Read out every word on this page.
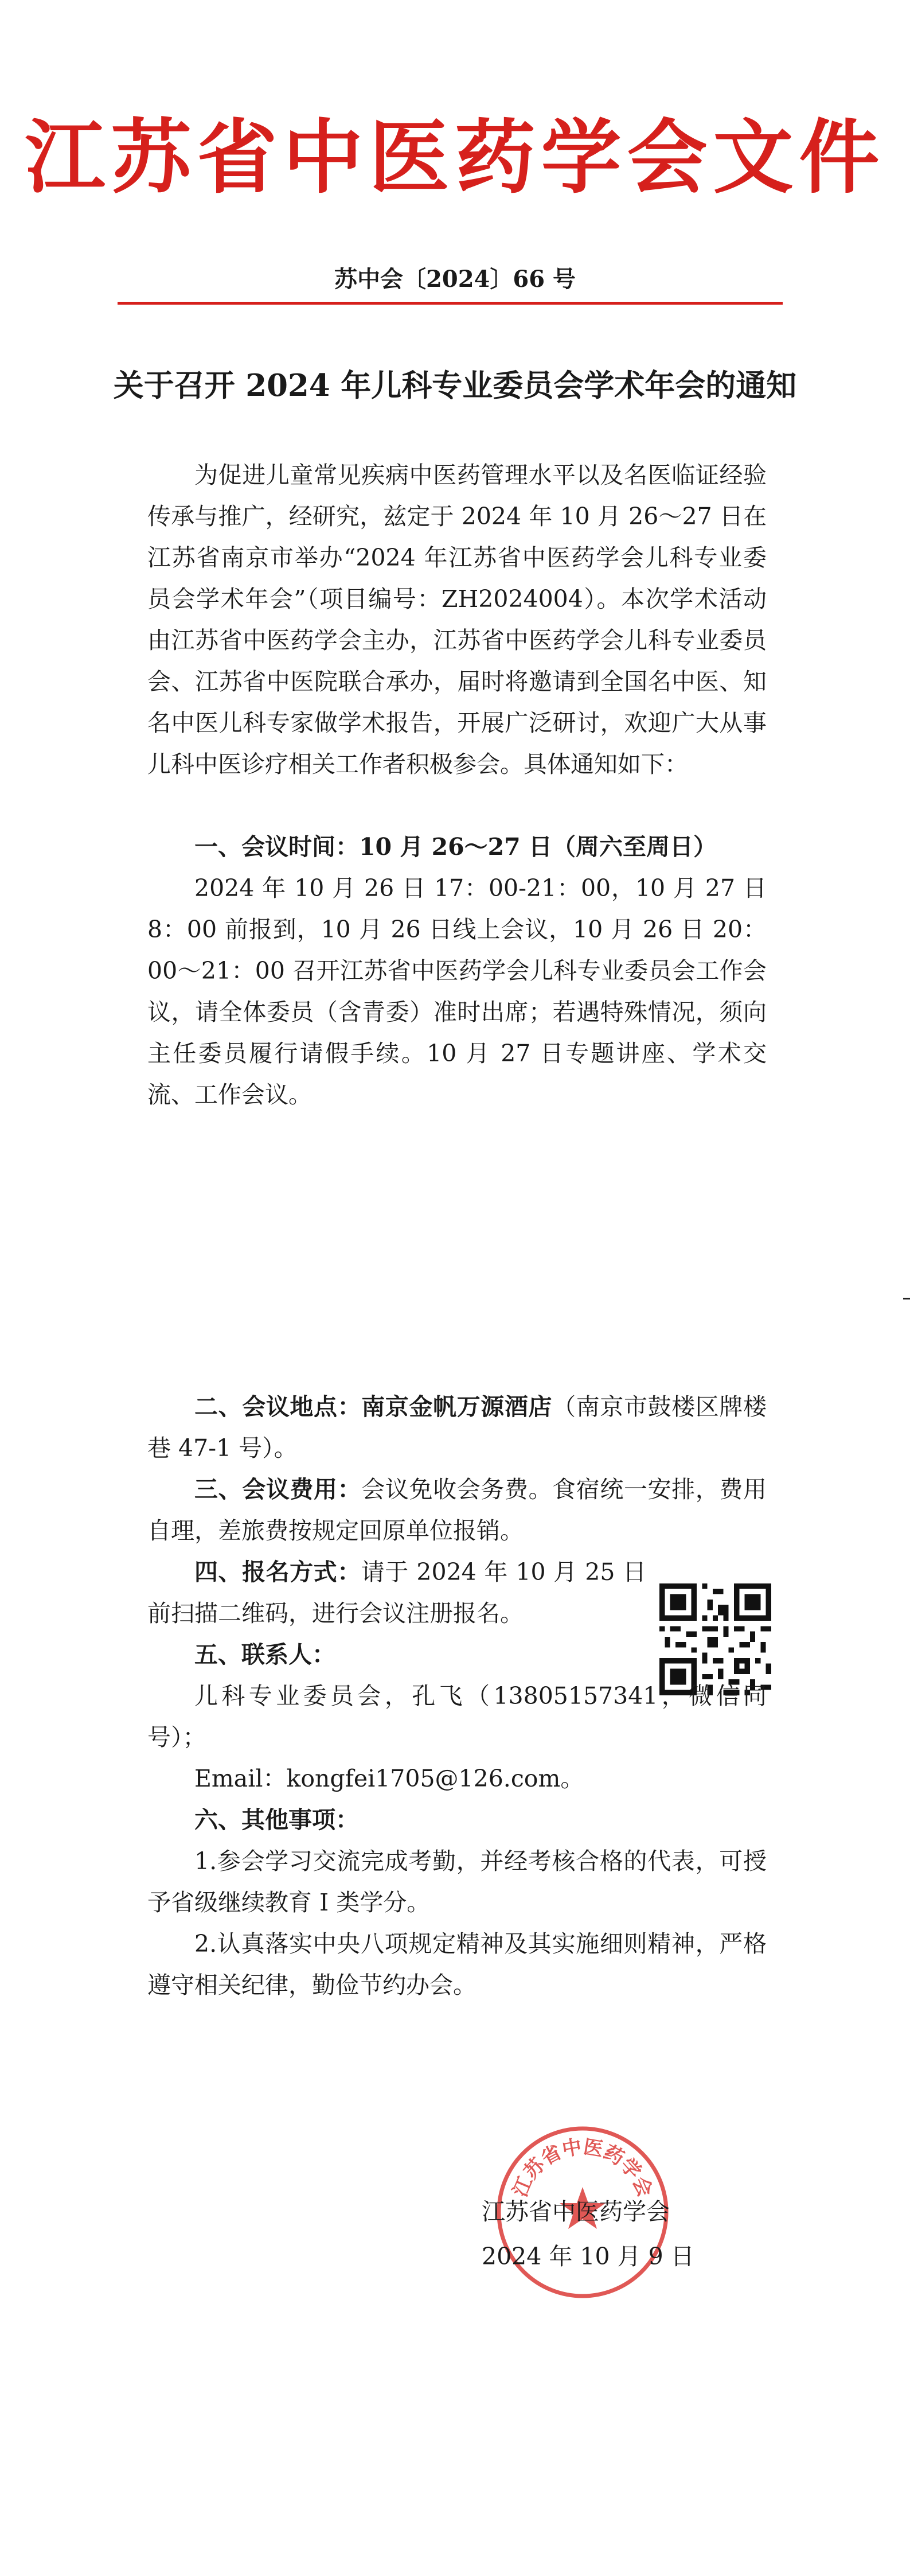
江苏省中医药学会文件
苏中会〔2024〕66 号
关于召开 2024 年儿科专业委员会学术年会的通知
为促进儿童常见疾病中医药管理水平以及名医临证经验传承与推广，经研究，兹定于 2024 年 10 月 26～27 日在江苏省南京市举办“2024 年江苏省中医药学会儿科专业委员会学术年会”（项目编号：ZH2024004）。本次学术活动由江苏省中医药学会主办，江苏省中医药学会儿科专业委员会、江苏省中医院联合承办，届时将邀请到全国名中医、知名中医儿科专家做学术报告，开展广泛研讨，欢迎广大从事儿科中医诊疗相关工作者积极参会。具体通知如下：
一、会议时间：10 月 26～27 日（周六至周日）
2024 年 10 月 26 日 17：00-21：00，10 月 27 日 8：00 前报到，10 月 26 日线上会议，10 月 26 日 20：00～21：00 召开江苏省中医药学会儿科专业委员会工作会议，请全体委员（含青委）准时出席；若遇特殊情况，须向主任委员履行请假手续。10 月 27 日专题讲座、学术交流、工作会议。
二、会议地点：南京金帆万源酒店（南京市鼓楼区牌楼巷 47-1 号）。
三、会议费用：会议免收会务费。食宿统一安排，费用自理，差旅费按规定回原单位报销。
四、报名方式：请于 2024 年 10 月 25 日前扫描二维码，进行会议注册报名。
五、联系人：
儿科专业委员会，孔飞（13805157341，微信同号）；
Email：kongfei1705@126.com。
六、其他事项：
1.参会学习交流完成考勤，并经考核合格的代表，可授予省级继续教育 I 类学分。
2.认真落实中央八项规定精神及其实施细则精神，严格遵守相关纪律，勤俭节约办会。
江苏省中医药学会
江苏省中医药学会
2024 年 10 月 9 日
